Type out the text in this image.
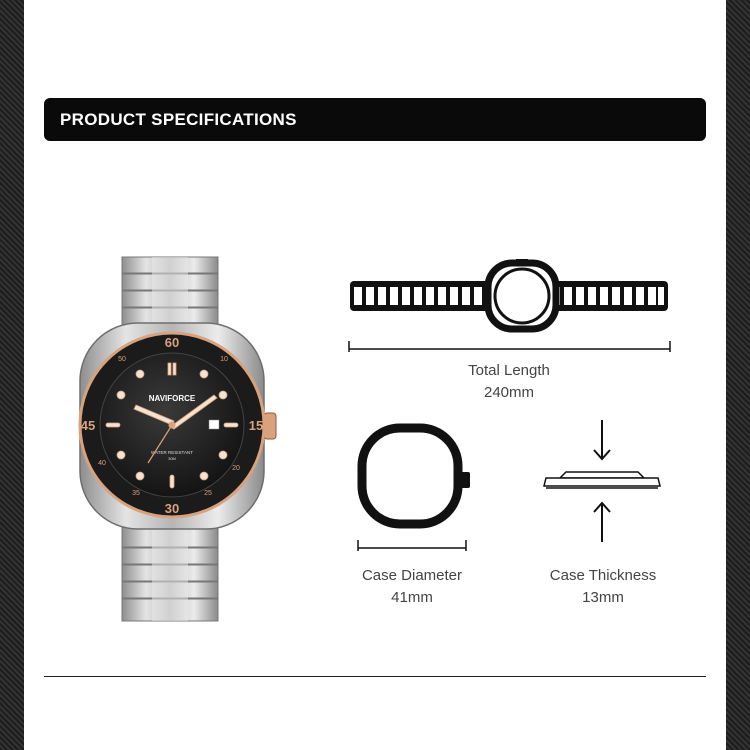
PRODUCT SPECIFICATIONS
60
15
30
45
50	10
20
25
35
40
NAVIFORCE
WATER RESISTANT
30M
Total Length
240mm
Case Diameter
41mm
Case Thickness
13mm
